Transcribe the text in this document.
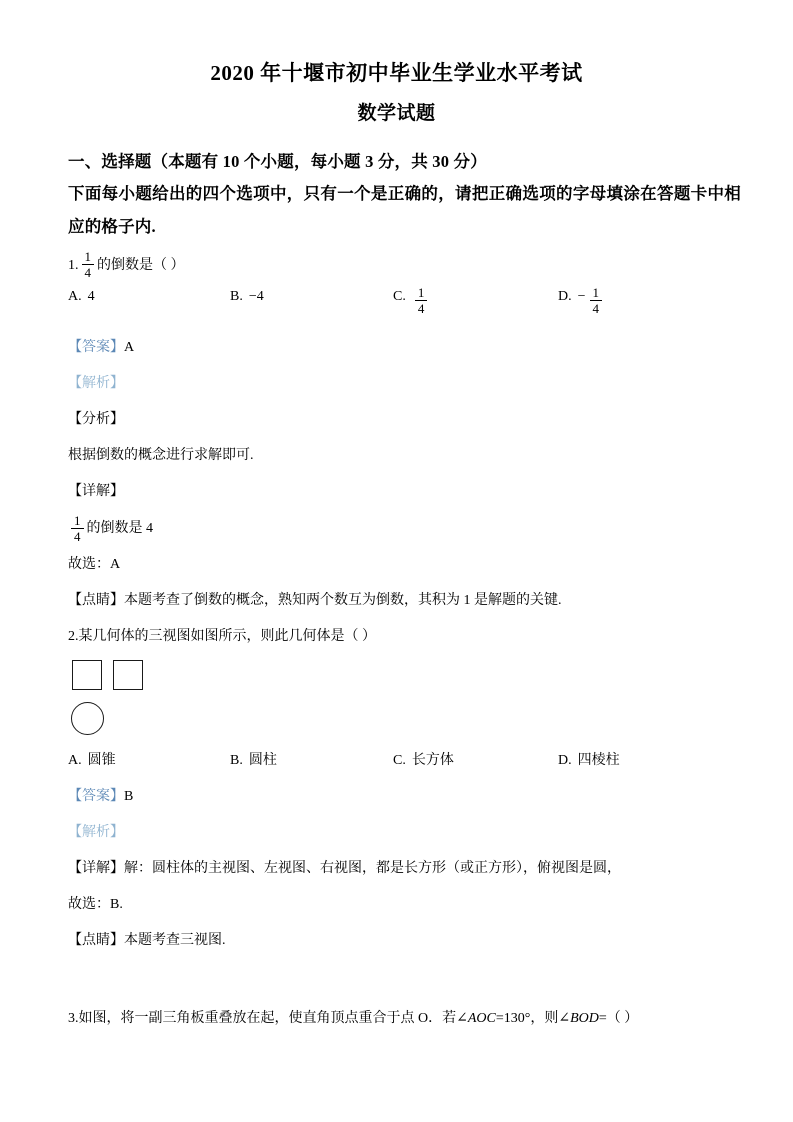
2020 年十堰市初中毕业生学业水平考试
数学试题

一、选择题（本题有 10 个小题，每小题 3 分，共 30 分）

下面每小题给出的四个选项中，只有一个是正确的，请把正确选项的字母填涂在答题卡中相应的格子内.

1. $\frac{1}{4}$ 的倒数是（ ）
A. 4	B. −4	C. $\frac{1}{4}$	D. − $\frac{1}{4}$

【答案】A

【解析】

【分析】

根据倒数的概念进行求解即可.

【详解】

$\frac{1}{4}$ 的倒数是 4

故选：A

【点睛】本题考查了倒数的概念，熟知两个数互为倒数，其积为 1 是解题的关键.

2.某几何体的三视图如图所示，则此几何体是（ ）

A. 圆锥	B. 圆柱	C. 长方体	D. 四棱柱

【答案】B

【解析】

【详解】解：圆柱体的主视图、左视图、右视图，都是长方形（或正方形），俯视图是圆，

故选：B.

【点睛】本题考查三视图.

3.如图，将一副三角板重叠放在起，使直角顶点重合于点 O．若∠AOC=130°，则∠BOD=（ ）
